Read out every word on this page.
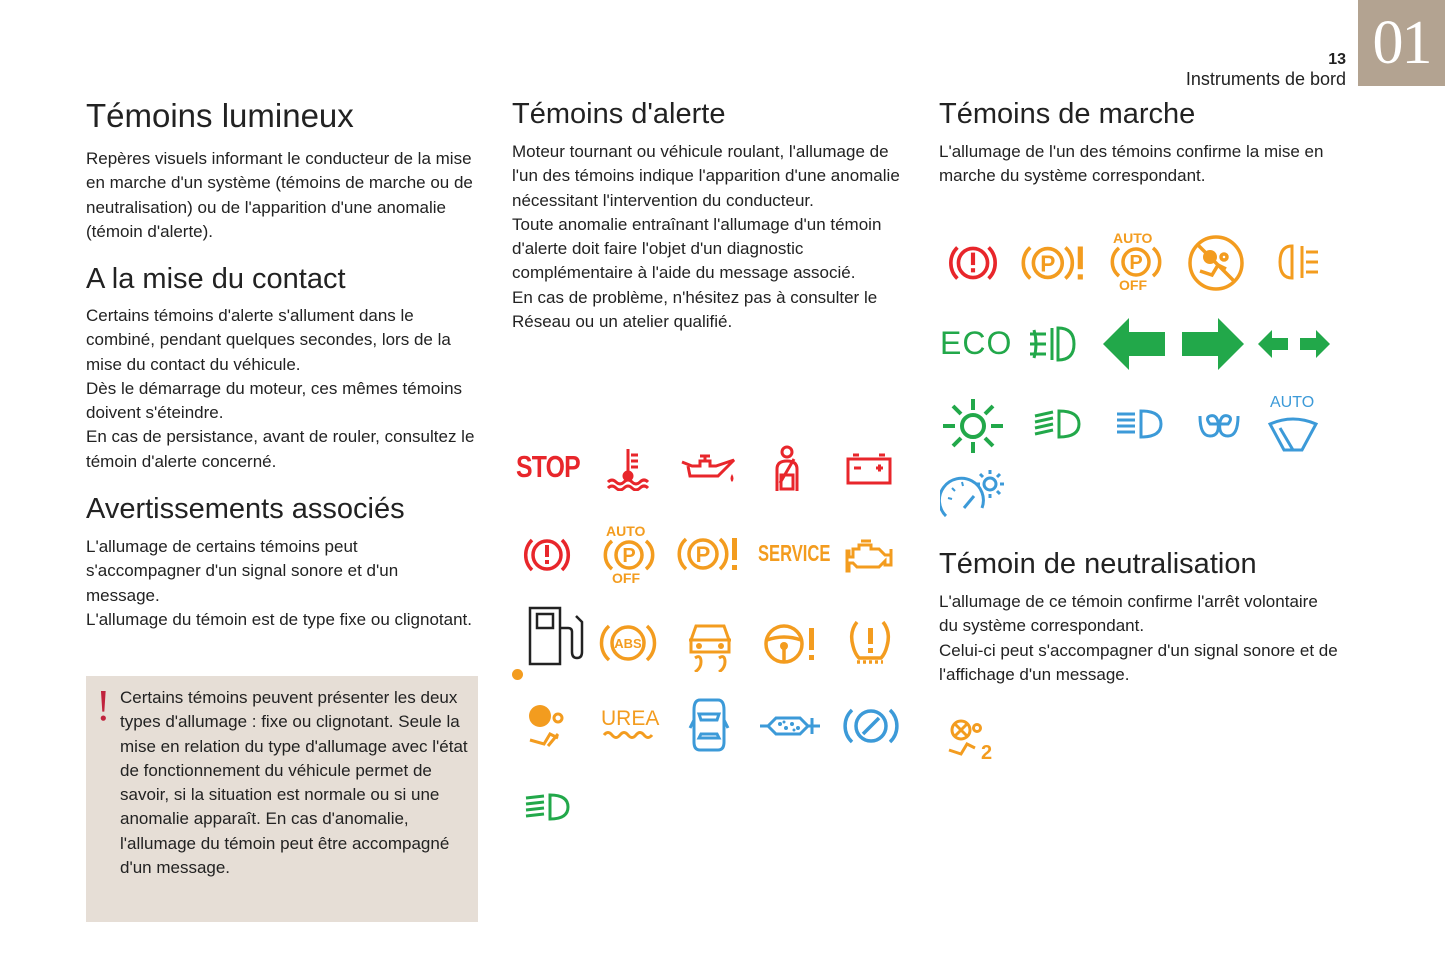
01
13
Instruments de bord
Témoins lumineux

Repères visuels informant le conducteur de la mise en marche d'un système (témoins de marche ou de neutralisation) ou de l'apparition d'une anomalie (témoin d'alerte).

A la mise du contact

Certains témoins d'alerte s'allument dans le combiné, pendant quelques secondes, lors de la mise du contact du véhicule.
Dès le démarrage du moteur, ces mêmes témoins doivent s'éteindre.
En cas de persistance, avant de rouler, consultez le témoin d'alerte concerné.

Avertissements associés

L'allumage de certains témoins peut s'accompagner d'un signal sonore et d'un message.
L'allumage du témoin est de type fixe ou clignotant.

! Certains témoins peuvent présenter les deux types d'allumage : fixe ou clignotant. Seule la mise en relation du type d'allumage avec l'état de fonctionnement du véhicule permet de savoir, si la situation est normale ou si une anomalie apparaît. En cas d'anomalie, l'allumage du témoin peut être accompagné d'un message.

Témoins d'alerte

Moteur tournant ou véhicule roulant, l'allumage de l'un des témoins indique l'apparition d'une anomalie nécessitant l'intervention du conducteur.
Toute anomalie entraînant l'allumage d'un témoin d'alerte doit faire l'objet d'un diagnostic complémentaire à l'aide du message associé.
En cas de problème, n'hésitez pas à consulter le Réseau ou un atelier qualifié.

STOP
AUTO
P
OFF
P SERVICE
ABS
UREA
Témoins de marche

L'allumage de l'un des témoins confirme la mise en marche du système correspondant.

P
AUTO
P
OFF
ECO
AUTO
Témoin de neutralisation

L'allumage de ce témoin confirme l'arrêt volontaire du système correspondant.
Celui-ci peut s'accompagner d'un signal sonore et de l'affichage d'un message.

2
